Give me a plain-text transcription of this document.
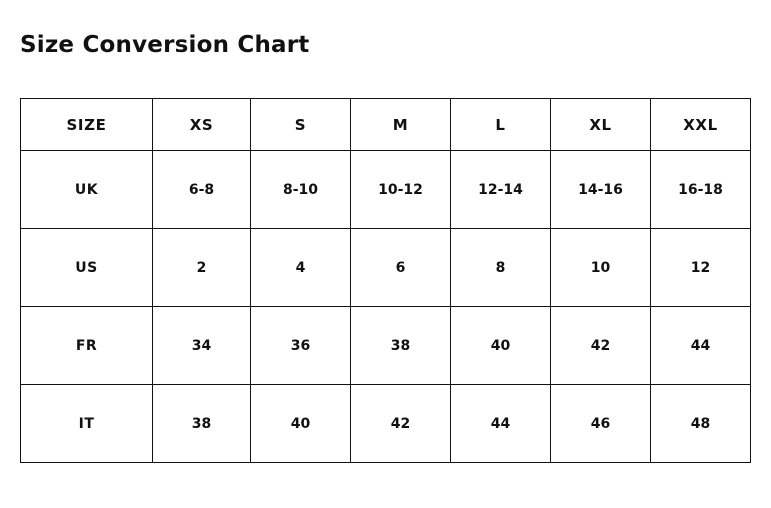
Size Conversion Chart
SIZE	XS	S	M	L	XL	XXL
UK	6-8	8-10	10-12	12-14	14-16	16-18
US	2	4	6	8	10	12
FR	34	36	38	40	42	44
IT	38	40	42	44	46	48
